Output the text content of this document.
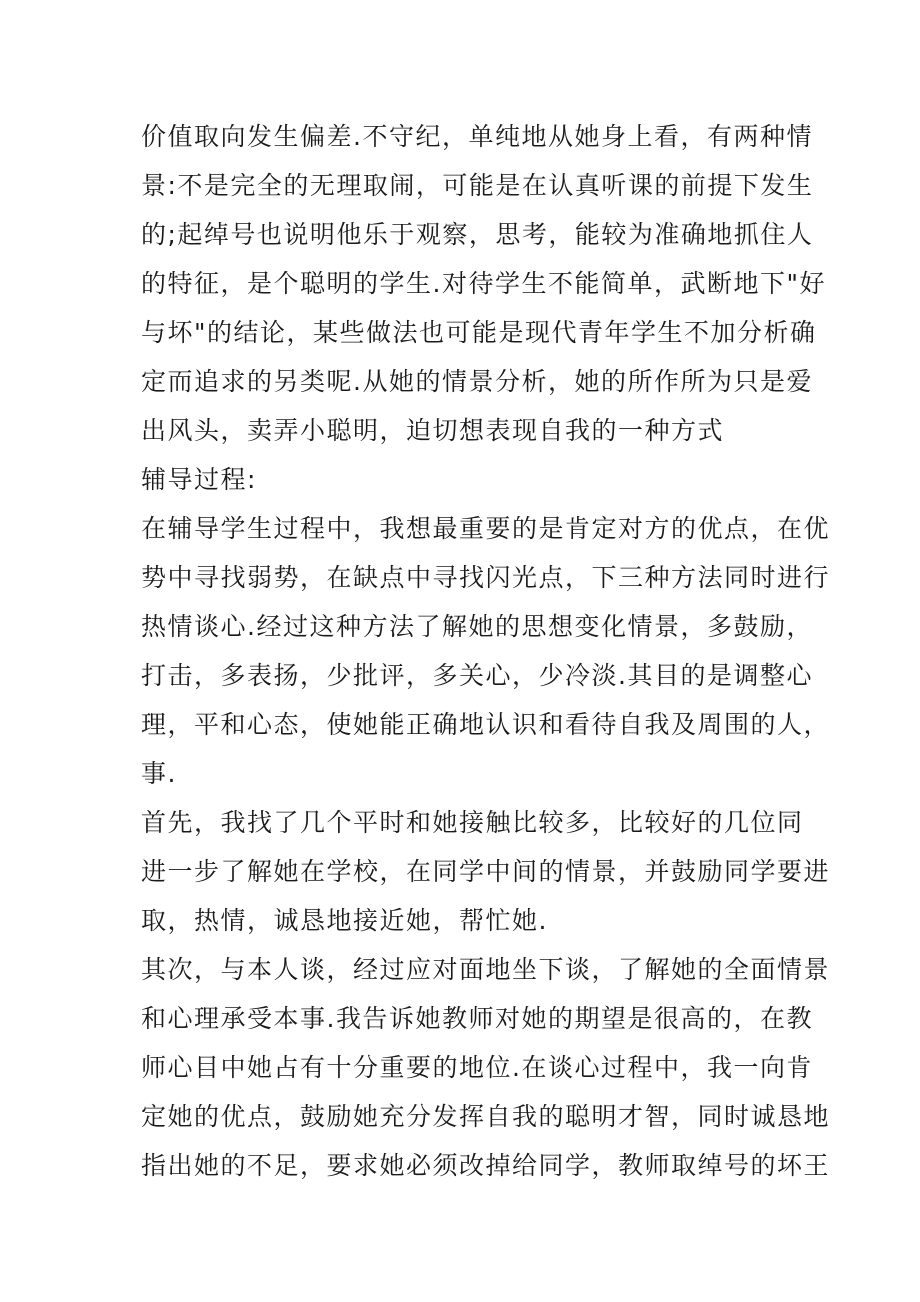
价值取向发生偏差.不守纪，单纯地从她身上看，有两种情
景:不是完全的无理取闹，可能是在认真听课的前提下发生
的;起绰号也说明他乐于观察，思考，能较为准确地抓住人
的特征，是个聪明的学生.对待学生不能简单，武断地下"好
与坏"的结论，某些做法也可能是现代青年学生不加分析确
定而追求的另类呢.从她的情景分析，她的所作所为只是爱
出风头，卖弄小聪明，迫切想表现自我的一种方式
辅导过程:
在辅导学生过程中，我想最重要的是肯定对方的优点，在优
势中寻找弱势，在缺点中寻找闪光点，下三种方法同时进行
热情谈心.经过这种方法了解她的思想变化情景，多鼓励，
打击，多表扬，少批评，多关心，少冷淡.其目的是调整心
理，平和心态，使她能正确地认识和看待自我及周围的人，
事.
首先，我找了几个平时和她接触比较多，比较好的几位同
进一步了解她在学校，在同学中间的情景，并鼓励同学要进
取，热情，诚恳地接近她，帮忙她.
其次，与本人谈，经过应对面地坐下谈，了解她的全面情景
和心理承受本事.我告诉她教师对她的期望是很高的，在教
师心目中她占有十分重要的地位.在谈心过程中，我一向肯
定她的优点，鼓励她充分发挥自我的聪明才智，同时诚恳地
指出她的不足，要求她必须改掉给同学，教师取绰号的坏王
